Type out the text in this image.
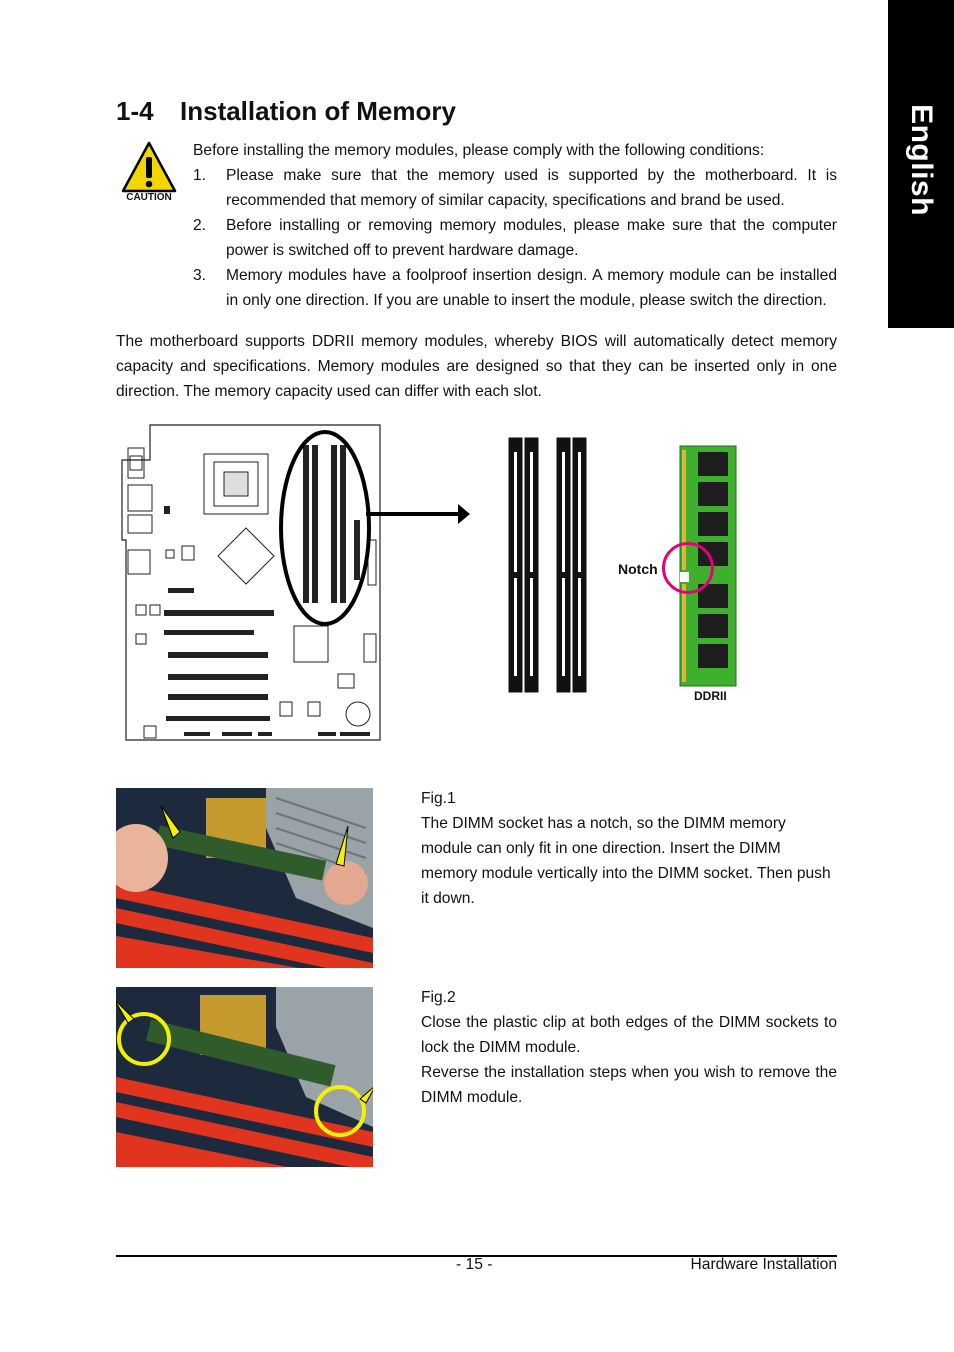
English
1-4 Installation of Memory
CAUTION
Before installing the memory modules, please comply with the following conditions:
1. Please make sure that the memory used is supported by the motherboard. It is recommended that memory of similar capacity, specifications and brand be used.
2. Before installing or removing memory modules, please make sure that the computer power is switched off to prevent hardware damage.
3. Memory modules have a foolproof insertion design. A memory module can be installed in only one direction. If you are unable to insert the module, please switch the direction.
The motherboard supports DDRII memory modules, whereby BIOS will automatically detect memory capacity and specifications. Memory modules are designed so that they can be inserted only in one direction. The memory capacity used can differ with each slot.
Notch
DDRII
Fig.1
The DIMM socket has a notch, so the DIMM memory module can only fit in one direction. Insert the DIMM memory module vertically into the DIMM socket. Then push it down.
Fig.2
Close the plastic clip at both edges of the DIMM sockets to lock the DIMM module.
Reverse the installation steps when you wish to remove the DIMM module.
- 15 -	Hardware Installation
